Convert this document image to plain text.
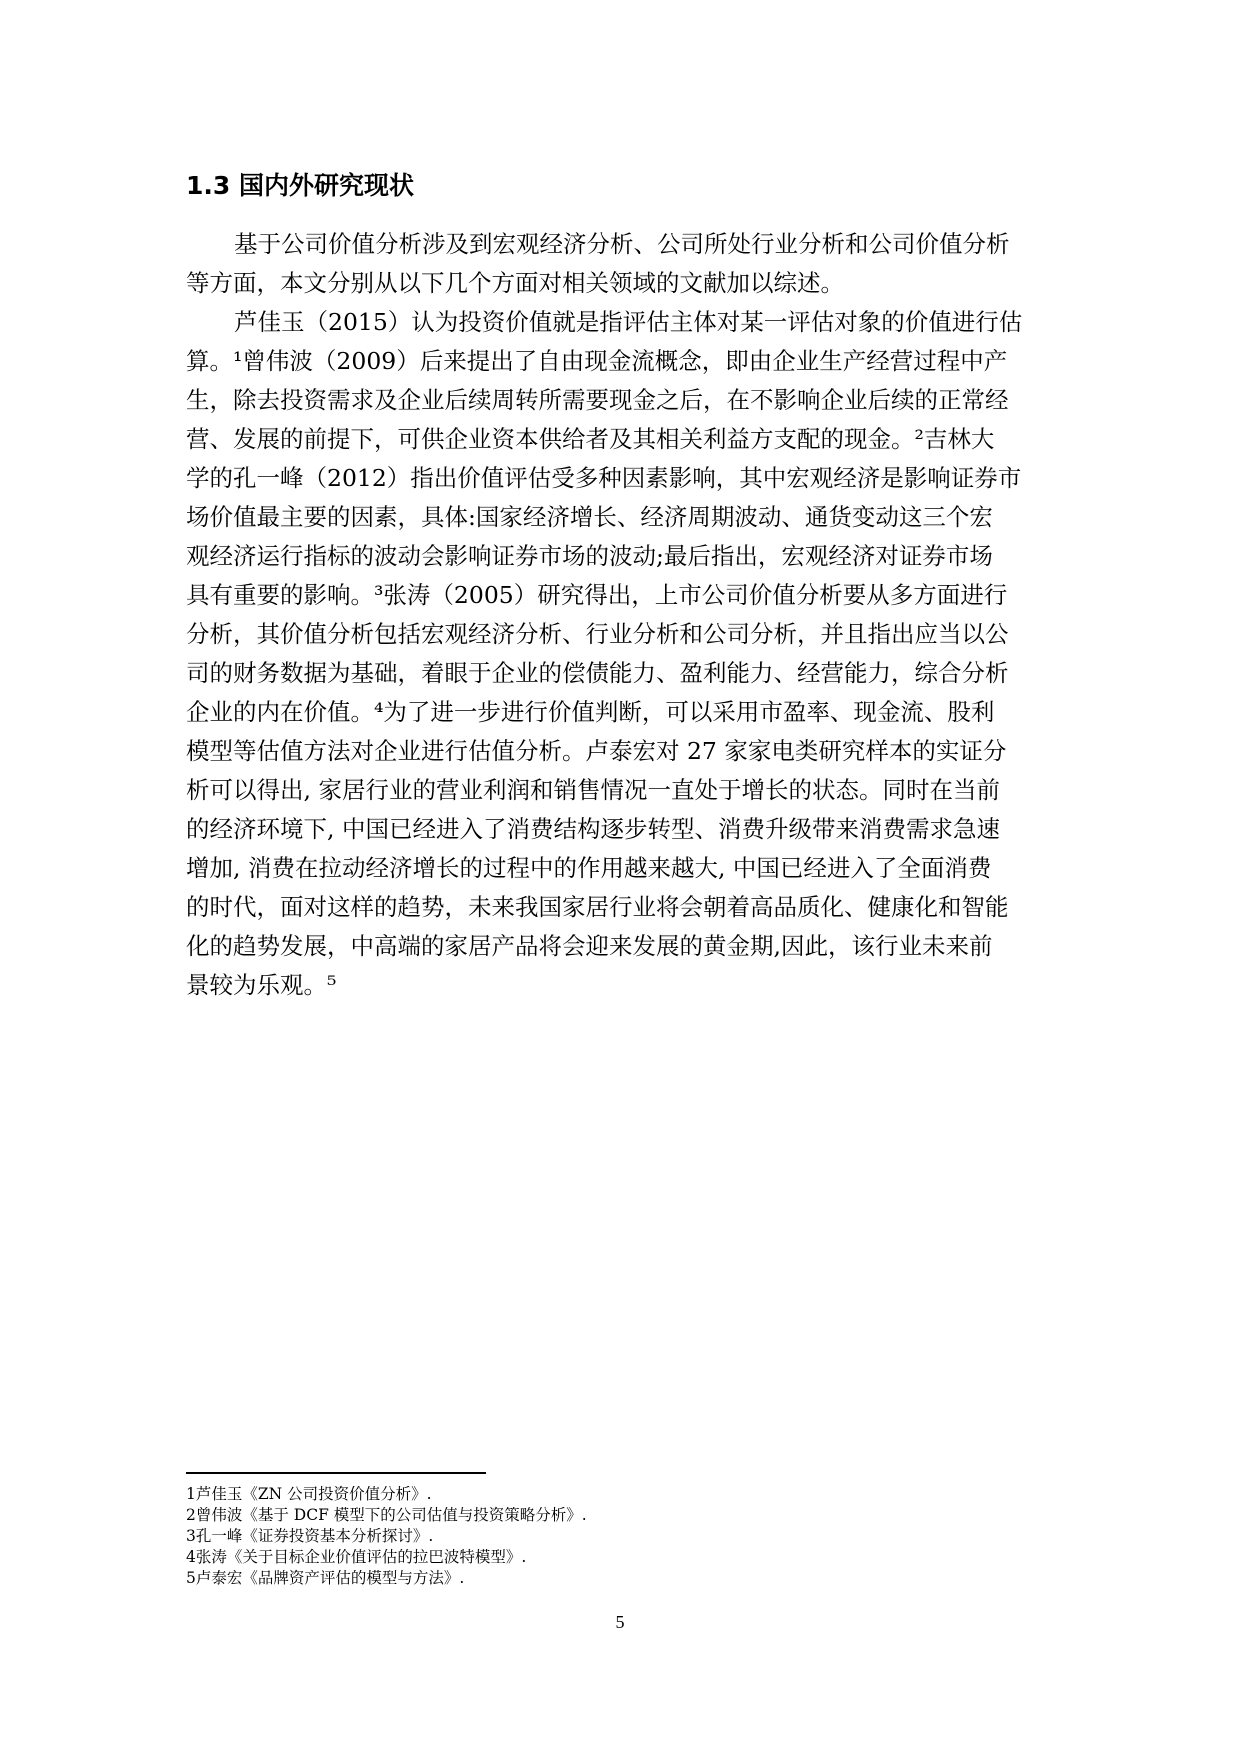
1.3 国内外研究现状
基于公司价值分析涉及到宏观经济分析、公司所处行业分析和公司价值分析
等方面，本文分别从以下几个方面对相关领域的文献加以综述。
芦佳玉（2015）认为投资价值就是指评估主体对某一评估对象的价值进行估
算。¹曾伟波（2009）后来提出了自由现金流概念，即由企业生产经营过程中产
生，除去投资需求及企业后续周转所需要现金之后，在不影响企业后续的正常经
营、发展的前提下，可供企业资本供给者及其相关利益方支配的现金。²吉林大
学的孔一峰（2012）指出价值评估受多种因素影响，其中宏观经济是影响证券市
场价值最主要的因素，具体:国家经济增长、经济周期波动、通货变动这三个宏
观经济运行指标的波动会影响证券市场的波动;最后指出，宏观经济对证券市场
具有重要的影响。³张涛（2005）研究得出，上市公司价值分析要从多方面进行
分析，其价值分析包括宏观经济分析、行业分析和公司分析，并且指出应当以公
司的财务数据为基础，着眼于企业的偿债能力、盈利能力、经营能力，综合分析
企业的内在价值。⁴为了进一步进行价值判断，可以采用市盈率、现金流、股利
模型等估值方法对企业进行估值分析。卢泰宏对 27 家家电类研究样本的实证分
析可以得出, 家居行业的营业利润和销售情况一直处于增长的状态。同时在当前
的经济环境下, 中国已经进入了消费结构逐步转型、消费升级带来消费需求急速
增加, 消费在拉动经济增长的过程中的作用越来越大, 中国已经进入了全面消费
的时代，面对这样的趋势，未来我国家居行业将会朝着高品质化、健康化和智能
化的趋势发展，中高端的家居产品将会迎来发展的黄金期,因此，该行业未来前
景较为乐观。⁵
1芦佳玉《ZN 公司投资价值分析》.
2曾伟波《基于 DCF 模型下的公司估值与投资策略分析》.
3孔一峰《证券投资基本分析探讨》.
4张涛《关于目标企业价值评估的拉巴波特模型》.
5卢泰宏《品牌资产评估的模型与方法》.
5
